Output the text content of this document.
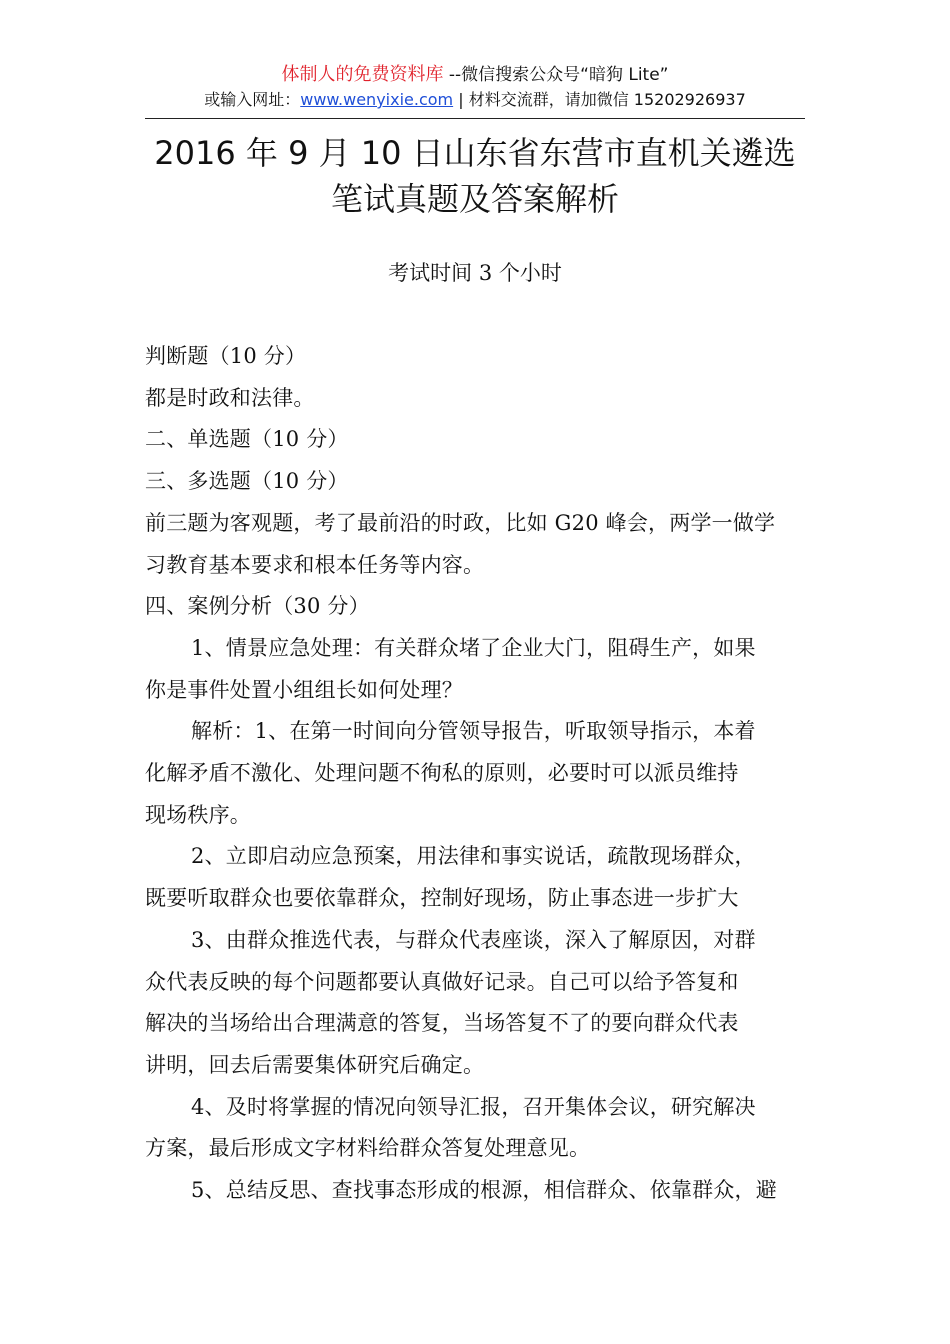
体制人的免费资料库 --微信搜索公众号“暗狗 Lite”
或输入网址：www.wenyixie.com | 材料交流群，请加微信 15202926937
2016 年 9 月 10 日山东省东营市直机关遴选
笔试真题及答案解析
考试时间 3 个小时

判断题（10 分）

都是时政和法律。

二、单选题（10 分）

三、多选题（10 分）

前三题为客观题，考了最前沿的时政，比如 G20 峰会，两学一做学

习教育基本要求和根本任务等内容。

四、案例分析（30 分）

1、情景应急处理：有关群众堵了企业大门，阻碍生产，如果

你是事件处置小组组长如何处理？

解析：1、在第一时间向分管领导报告，听取领导指示，本着

化解矛盾不激化、处理问题不徇私的原则，必要时可以派员维持

现场秩序。

2、立即启动应急预案，用法律和事实说话，疏散现场群众，

既要听取群众也要依靠群众，控制好现场，防止事态进一步扩大

3、由群众推选代表，与群众代表座谈，深入了解原因，对群

众代表反映的每个问题都要认真做好记录。自己可以给予答复和

解决的当场给出合理满意的答复，当场答复不了的要向群众代表

讲明，回去后需要集体研究后确定。

4、及时将掌握的情况向领导汇报，召开集体会议，研究解决

方案，最后形成文字材料给群众答复处理意见。

5、总结反思、查找事态形成的根源，相信群众、依靠群众，避
